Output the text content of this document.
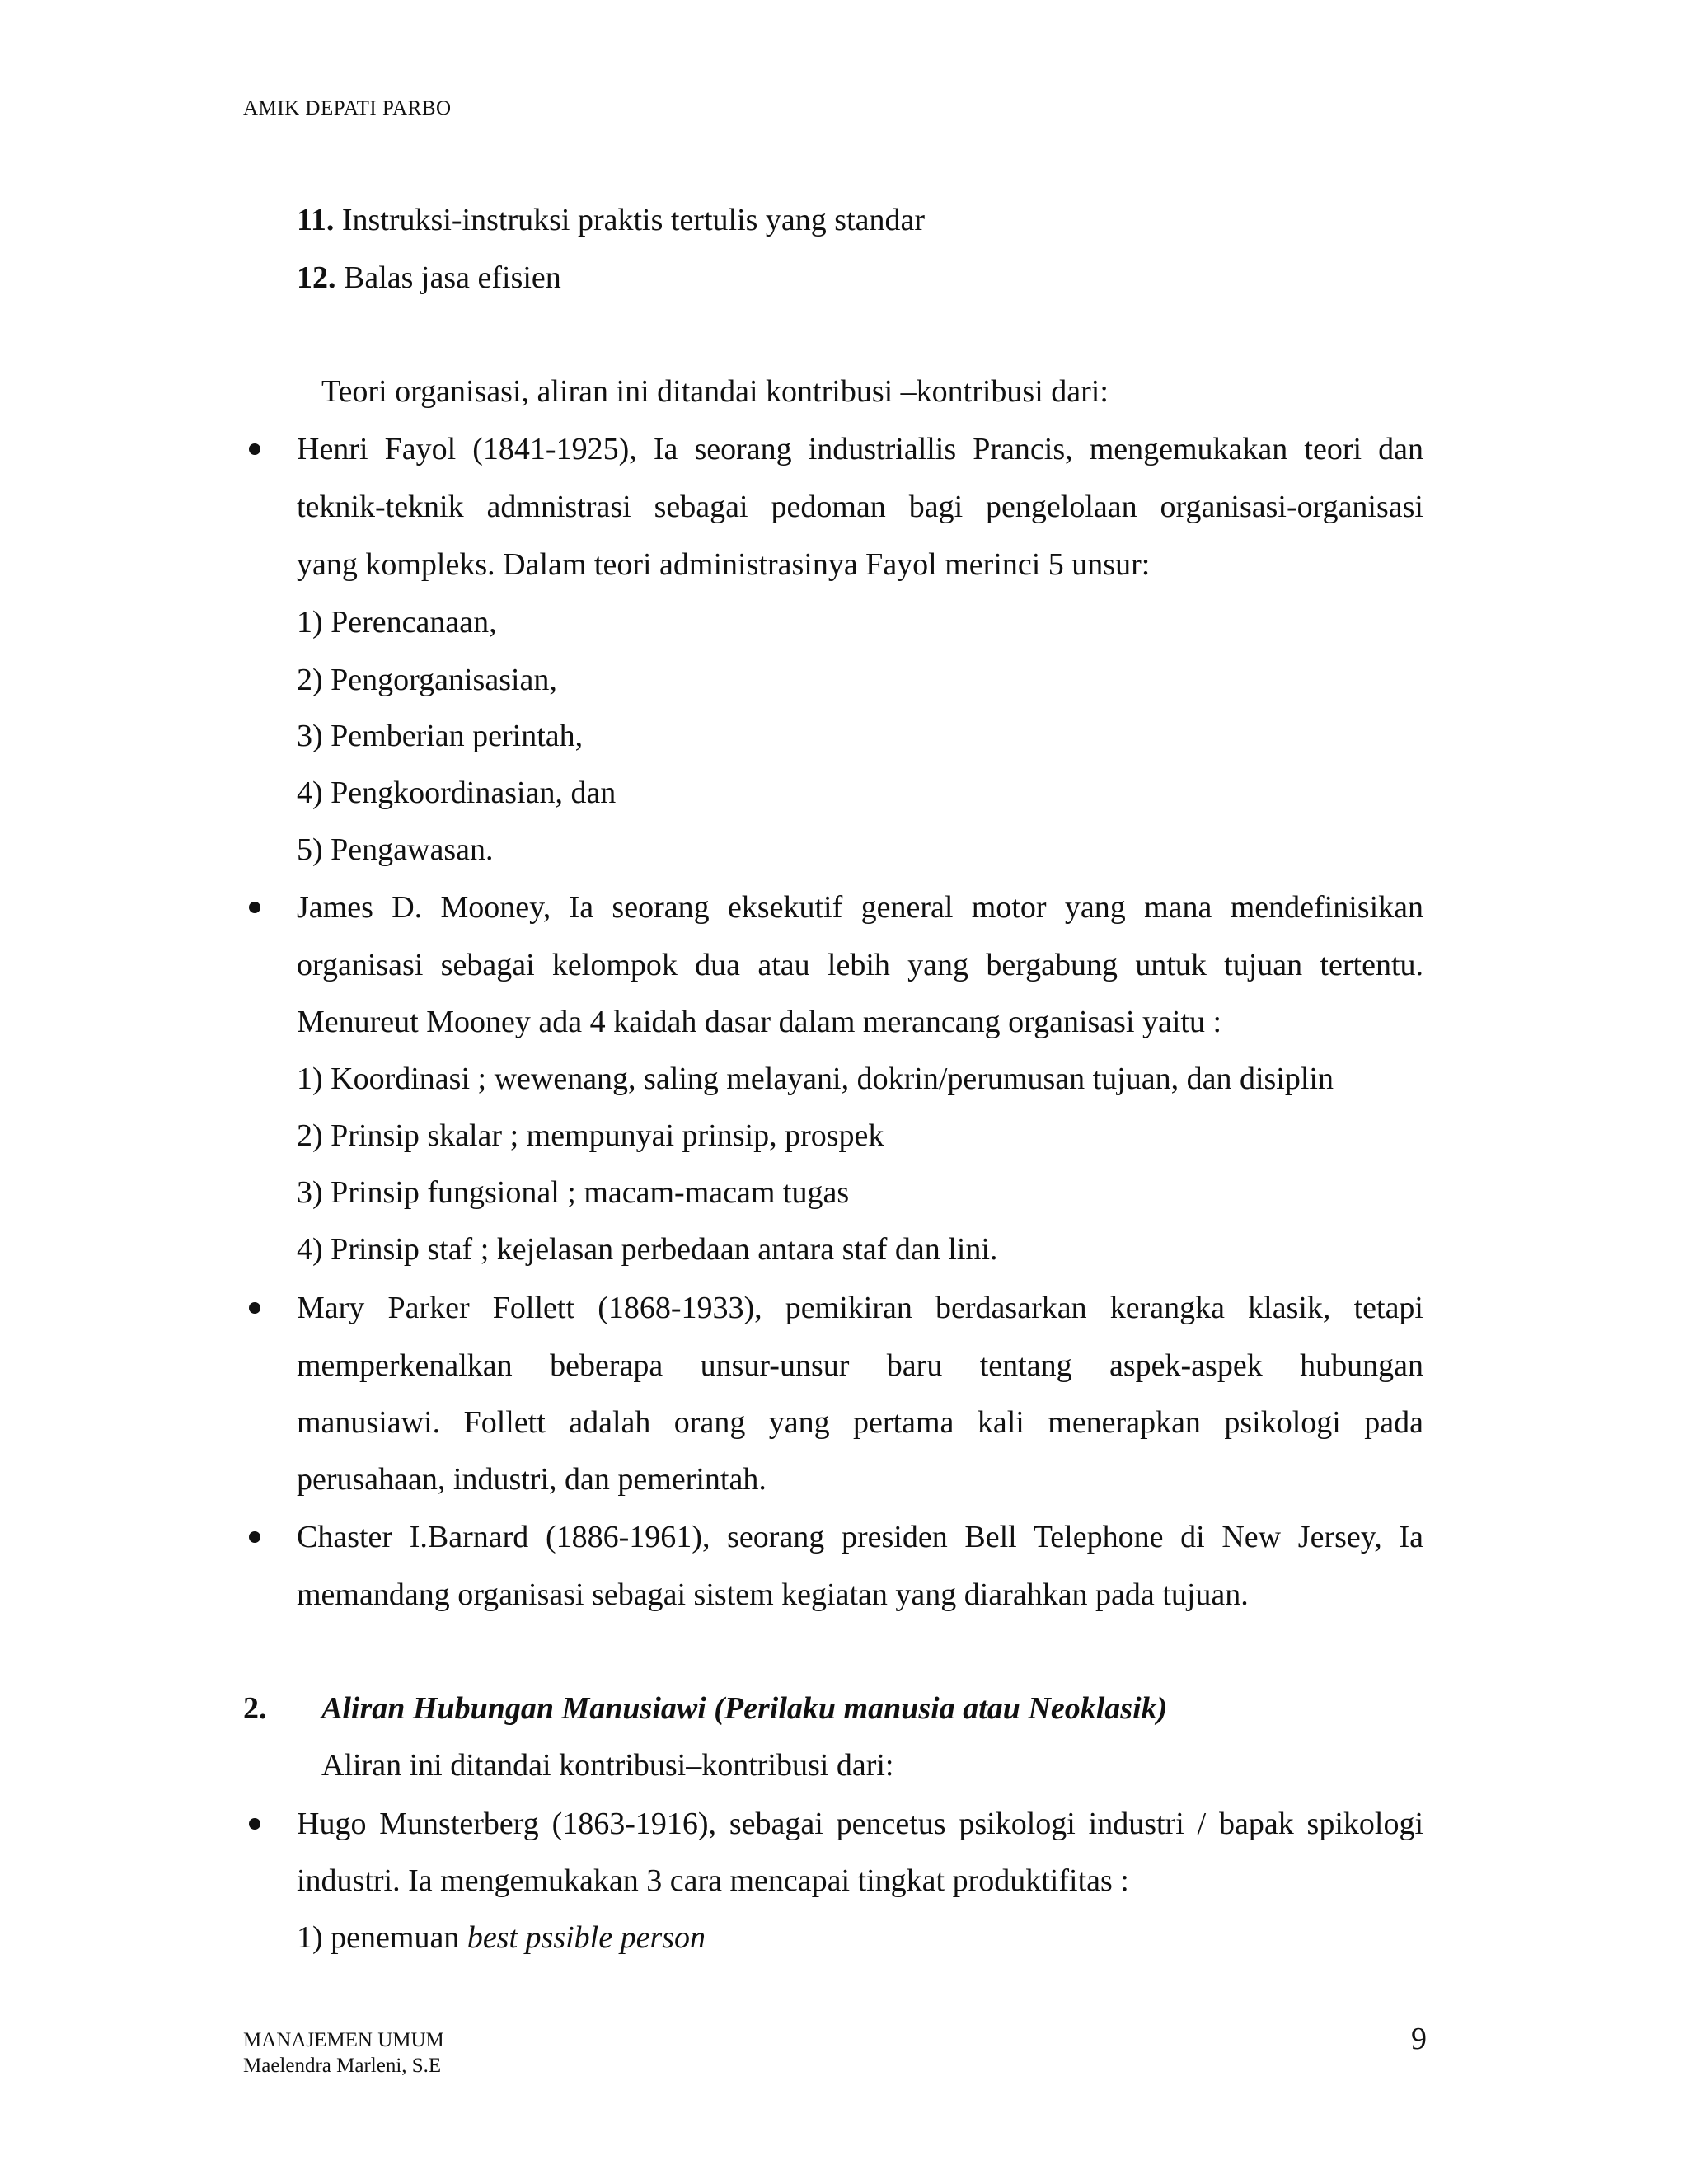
AMIK DEPATI PARBO
11. Instruksi-instruksi praktis tertulis yang standar
12. Balas jasa efisien
Teori organisasi, aliran ini ditandai kontribusi –kontribusi dari:
Henri Fayol (1841-1925), Ia seorang industriallis Prancis, mengemukakan teori dan
teknik-teknik admnistrasi sebagai pedoman bagi pengelolaan organisasi-organisasi
yang kompleks. Dalam teori administrasinya Fayol merinci 5 unsur:
1) Perencanaan,
2) Pengorganisasian,
3) Pemberian perintah,
4) Pengkoordinasian, dan
5) Pengawasan.
James D. Mooney, Ia seorang eksekutif general motor yang mana mendefinisikan
organisasi sebagai kelompok dua atau lebih yang bergabung untuk tujuan tertentu.
Menureut Mooney ada 4 kaidah dasar dalam merancang organisasi yaitu :
1) Koordinasi ; wewenang, saling melayani, dokrin/perumusan tujuan, dan disiplin
2) Prinsip skalar ; mempunyai prinsip, prospek
3) Prinsip fungsional ; macam-macam tugas
4) Prinsip staf ; kejelasan perbedaan antara staf dan lini.
Mary Parker Follett (1868-1933), pemikiran berdasarkan kerangka klasik, tetapi
memperkenalkan beberapa unsur-unsur baru tentang aspek-aspek hubungan
manusiawi. Follett adalah orang yang pertama kali menerapkan psikologi pada
perusahaan, industri, dan pemerintah.
Chaster I.Barnard (1886-1961), seorang presiden Bell Telephone di New Jersey, Ia
memandang organisasi sebagai sistem kegiatan yang diarahkan pada tujuan.
Aliran ini ditandai kontribusi–kontribusi dari:
Hugo Munsterberg (1863-1916), sebagai pencetus psikologi industri / bapak spikologi
industri. Ia mengemukakan 3 cara mencapai tingkat produktifitas :
1) penemuan best pssible person
2. Aliran Hubungan Manusiawi (Perilaku manusia atau Neoklasik)
MANAJEMEN UMUM
Maelendra Marleni, S.E
9
